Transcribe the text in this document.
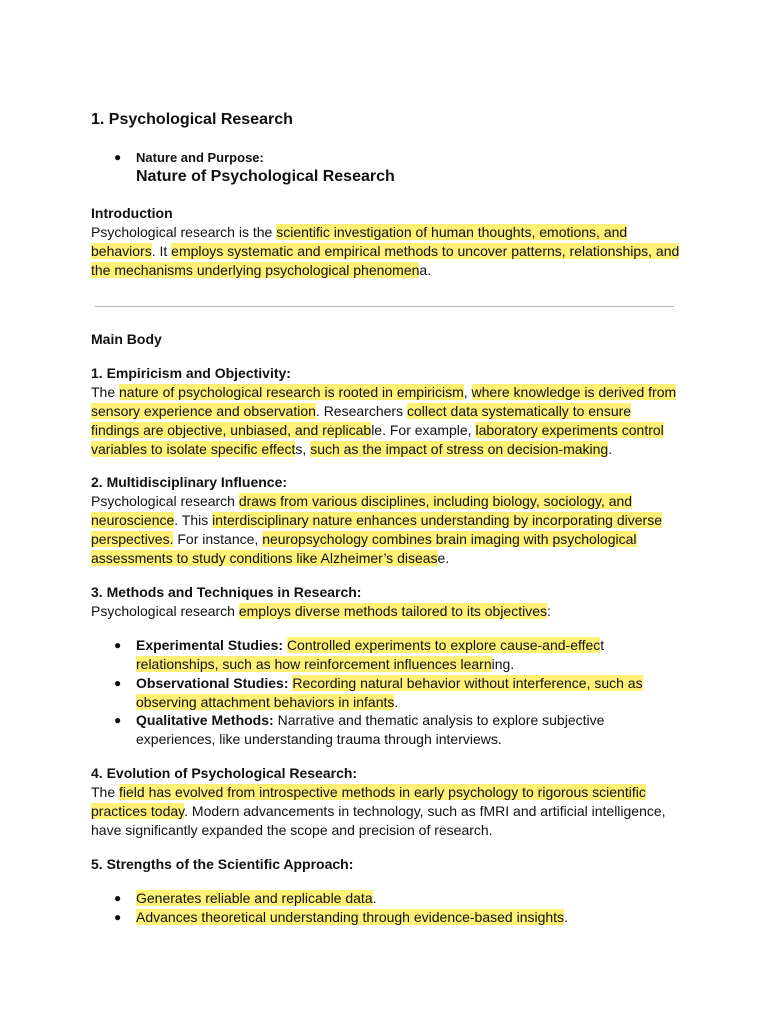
1. Psychological Research
● Nature and Purpose:
Nature of Psychological Research

Introduction

Psychological research is the scientific investigation of human thoughts, emotions, and behaviors. It employs systematic and empirical methods to uncover patterns, relationships, and the mechanisms underlying psychological phenomena.

Main Body

1. Empiricism and Objectivity:

The nature of psychological research is rooted in empiricism, where knowledge is derived from sensory experience and observation. Researchers collect data systematically to ensure findings are objective, unbiased, and replicable. For example, laboratory experiments control variables to isolate specific effects, such as the impact of stress on decision-making.

2. Multidisciplinary Influence:

Psychological research draws from various disciplines, including biology, sociology, and neuroscience. This interdisciplinary nature enhances understanding by incorporating diverse perspectives. For instance, neuropsychology combines brain imaging with psychological assessments to study conditions like Alzheimer’s disease.

3. Methods and Techniques in Research:

Psychological research employs diverse methods tailored to its objectives:

● Experimental Studies: Controlled experiments to explore cause-and-effect relationships, such as how reinforcement influences learning.
● Observational Studies: Recording natural behavior without interference, such as observing attachment behaviors in infants.
● Qualitative Methods: Narrative and thematic analysis to explore subjective experiences, like understanding trauma through interviews.

4. Evolution of Psychological Research:

The field has evolved from introspective methods in early psychology to rigorous scientific practices today. Modern advancements in technology, such as fMRI and artificial intelligence, have significantly expanded the scope and precision of research.

5. Strengths of the Scientific Approach:
● Generates reliable and replicable data.
● Advances theoretical understanding through evidence-based insights.
